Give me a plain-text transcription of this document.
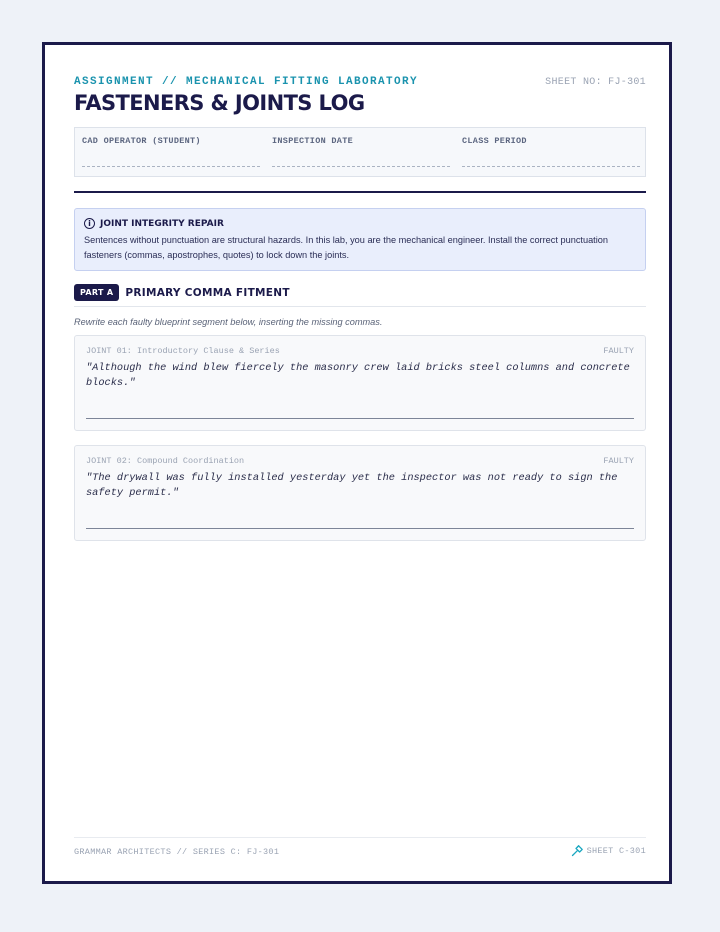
ASSIGNMENT // MECHANICAL FITTING LABORATORY	SHEET NO: FJ-301
FASTENERS & JOINTS LOG
CAD OPERATOR (STUDENT)	INSPECTION DATE	CLASS PERIOD
i	JOINT INTEGRITY REPAIR
Sentences without punctuation are structural hazards. In this lab, you are the mechanical engineer. Install the correct punctuation fasteners (commas, apostrophes, quotes) to lock down the joints.
PART A	PRIMARY COMMA FITMENT
Rewrite each faulty blueprint segment below, inserting the missing commas.
JOINT 01: Introductory Clause & Series	FAULTY
"Although the wind blew fiercely the masonry crew laid bricks steel columns and concrete blocks."
JOINT 02: Compound Coordination	FAULTY
"The drywall was fully installed yesterday yet the inspector was not ready to sign the safety permit."
GRAMMAR ARCHITECTS // SERIES C: FJ-301	SHEET C-301
